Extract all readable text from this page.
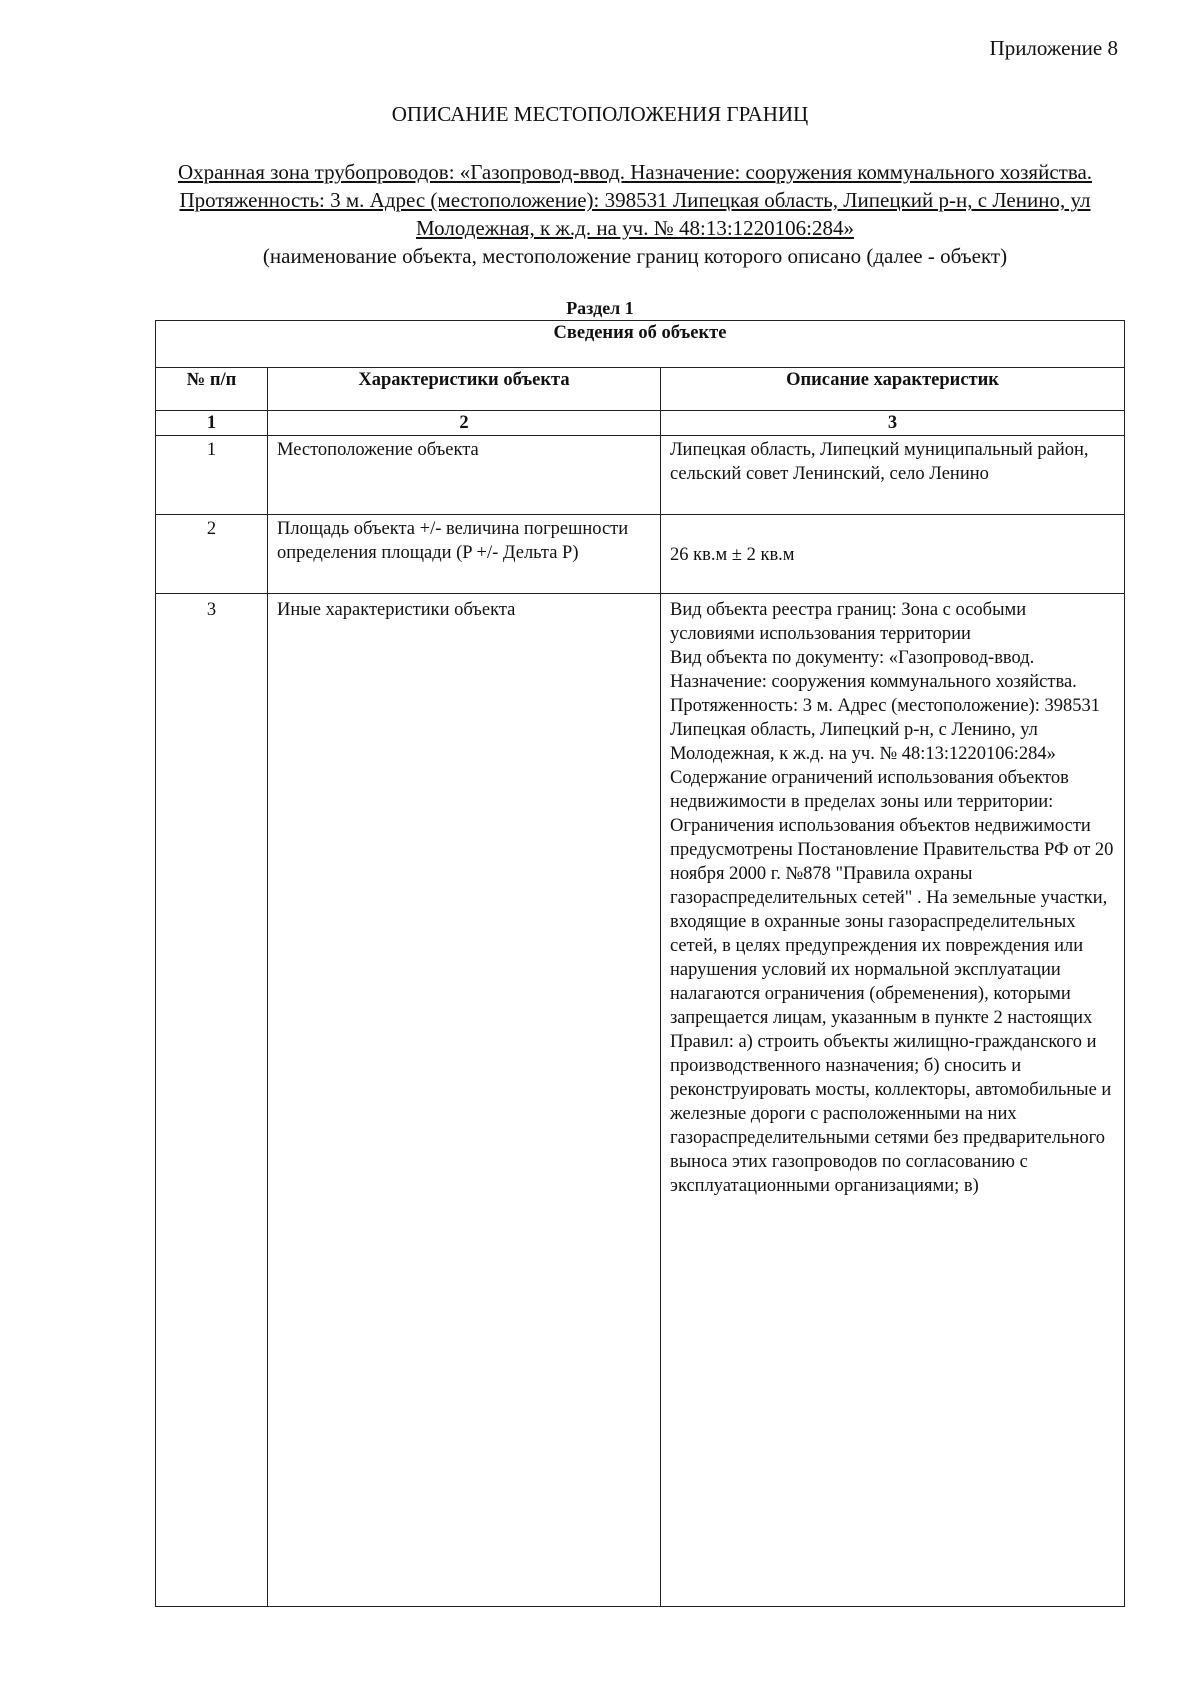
Приложение 8
ОПИСАНИЕ МЕСТОПОЛОЖЕНИЯ ГРАНИЦ
Охранная зона трубопроводов: «Газопровод-ввод. Назначение: сооружения коммунального хозяйства. Протяженность: 3 м. Адрес (местоположение): 398531 Липецкая область, Липецкий р-н, с Ленино, ул Молодежная, к ж.д. на уч. № 48:13:1220106:284»
(наименование объекта, местоположение границ которого описано (далее - объект)
Раздел 1
Сведения об объекте		
№ п/п	Характеристики объекта	Описание характеристик
1	2	3
1	Местоположение объекта	Липецкая область, Липецкий муниципальный район, сельский совет Ленинский, село Ленино
2	Площадь объекта +/- величина погрешности определения площади (P +/- Дельта P)	26 кв.м ± 2 кв.м
3	Иные характеристики объекта	Вид объекта реестра границ: Зона с особыми условиями использования территории
Вид объекта по документу: «Газопровод-ввод. Назначение: сооружения коммунального хозяйства. Протяженность: 3 м. Адрес (местоположение): 398531 Липецкая область, Липецкий р-н, с Ленино, ул Молодежная, к ж.д. на уч. № 48:13:1220106:284»
Содержание ограничений использования объектов недвижимости в пределах зоны или территории: Ограничения использования объектов недвижимости предусмотрены Постановление Правительства РФ от 20 ноября 2000 г. №878 "Правила охраны газораспределительных сетей" . На земельные участки, входящие в охранные зоны газораспределительных сетей, в целях предупреждения их повреждения или нарушения условий их нормальной эксплуатации налагаются ограничения (обременения), которыми запрещается лицам, указанным в пункте 2 настоящих Правил: а) строить объекты жилищно-гражданского и производственного назначения; б) сносить и реконструировать мосты, коллекторы, автомобильные и железные дороги с расположенными на них газораспределительными сетями без предварительного выноса этих газопроводов по согласованию с эксплуатационными организациями; в)
